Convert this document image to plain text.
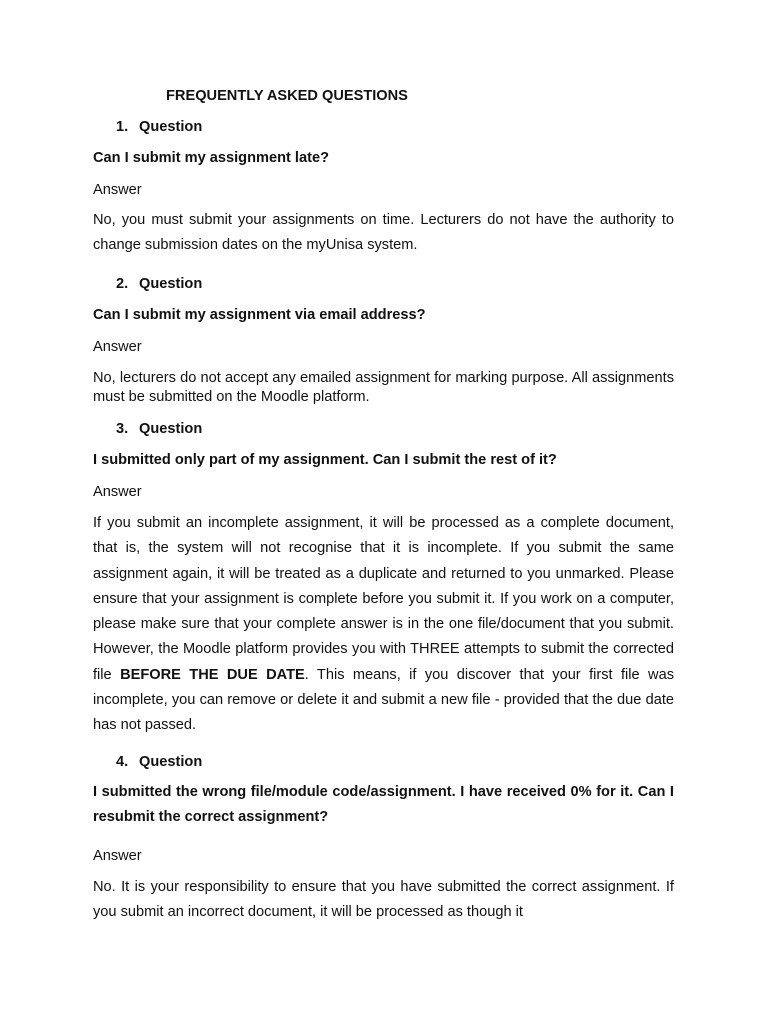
FREQUENTLY ASKED QUESTIONS
1. Question
Can I submit my assignment late?
Answer

No, you must submit your assignments on time. Lecturers do not have the authority to change submission dates on the myUnisa system.

2. Question
Can I submit my assignment via email address?
Answer

No, lecturers do not accept any emailed assignment for marking purpose. All assignments must be submitted on the Moodle platform.

3. Question
I submitted only part of my assignment. Can I submit the rest of it?
Answer

If you submit an incomplete assignment, it will be processed as a complete document, that is, the system will not recognise that it is incomplete. If you submit the same assignment again, it will be treated as a duplicate and returned to you unmarked. Please ensure that your assignment is complete before you submit it. If you work on a computer, please make sure that your complete answer is in the one file/document that you submit. However, the Moodle platform provides you with THREE attempts to submit the corrected file BEFORE THE DUE DATE. This means, if you discover that your first file was incomplete, you can remove or delete it and submit a new file - provided that the due date has not passed.

4. Question

I submitted the wrong file/module code/assignment. I have received 0% for it. Can I resubmit the correct assignment?

Answer

No. It is your responsibility to ensure that you have submitted the correct assignment. If you submit an incorrect document, it will be processed as though it
